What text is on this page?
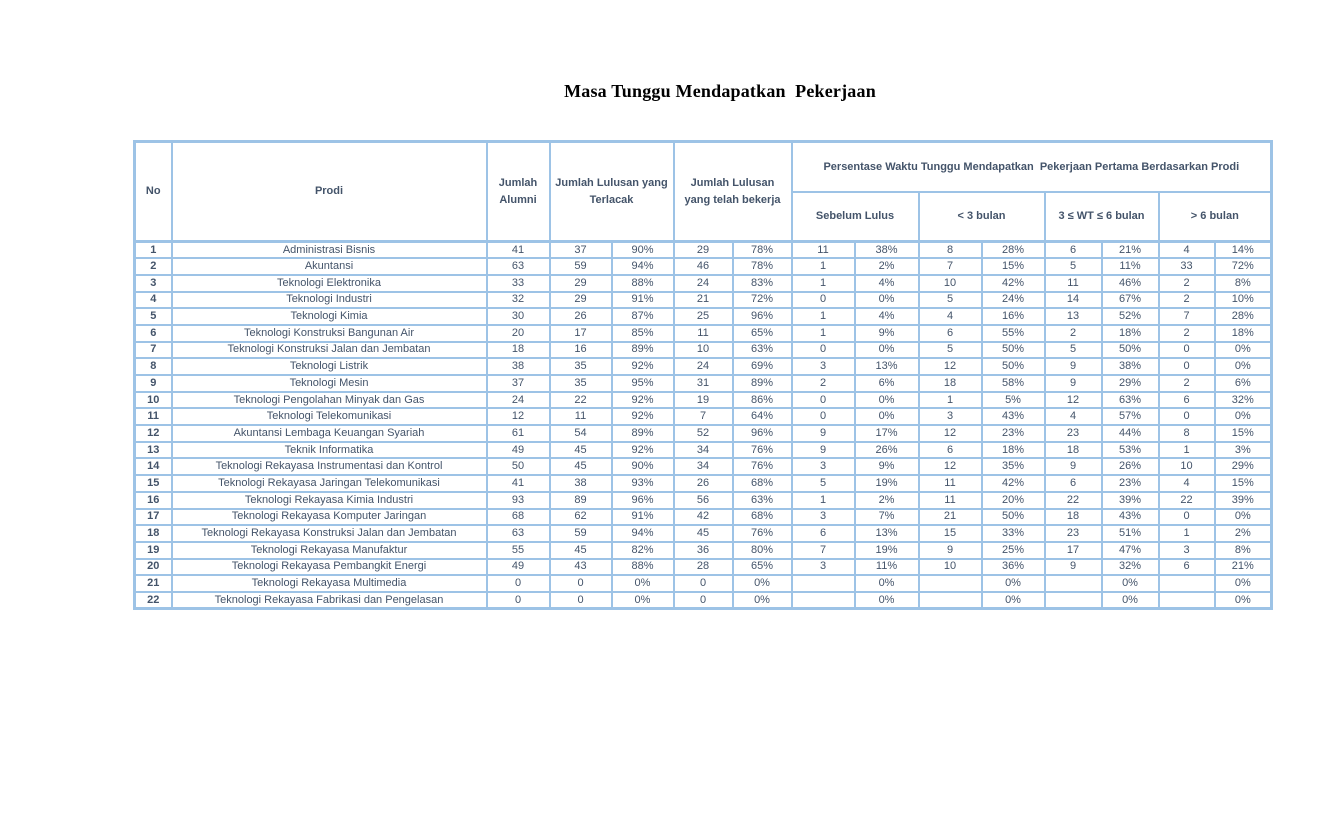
Masa Tunggu Mendapatkan  Pekerjaan
No	Prodi	Jumlah Alumni	Jumlah Lulusan yang Terlacak		Jumlah Lulusan yang telah bekerja		Persentase Waktu Tunggu Mendapatkan  Pekerjaan Pertama Berdasarkan Prodi							
							Sebelum Lulus		< 3 bulan		3 ≤ WT ≤ 6 bulan		> 6 bulan	
1	Administrasi Bisnis	41	37	90%	29	78%	11	38%	8	28%	6	21%	4	14%
2	Akuntansi	63	59	94%	46	78%	1	2%	7	15%	5	11%	33	72%
3	Teknologi Elektronika	33	29	88%	24	83%	1	4%	10	42%	11	46%	2	8%
4	Teknologi Industri	32	29	91%	21	72%	0	0%	5	24%	14	67%	2	10%
5	Teknologi Kimia	30	26	87%	25	96%	1	4%	4	16%	13	52%	7	28%
6	Teknologi Konstruksi Bangunan Air	20	17	85%	11	65%	1	9%	6	55%	2	18%	2	18%
7	Teknologi Konstruksi Jalan dan Jembatan	18	16	89%	10	63%	0	0%	5	50%	5	50%	0	0%
8	Teknologi Listrik	38	35	92%	24	69%	3	13%	12	50%	9	38%	0	0%
9	Teknologi Mesin	37	35	95%	31	89%	2	6%	18	58%	9	29%	2	6%
10	Teknologi Pengolahan Minyak dan Gas	24	22	92%	19	86%	0	0%	1	5%	12	63%	6	32%
11	Teknologi Telekomunikasi	12	11	92%	7	64%	0	0%	3	43%	4	57%	0	0%
12	Akuntansi Lembaga Keuangan Syariah	61	54	89%	52	96%	9	17%	12	23%	23	44%	8	15%
13	Teknik Informatika	49	45	92%	34	76%	9	26%	6	18%	18	53%	1	3%
14	Teknologi Rekayasa Instrumentasi dan Kontrol	50	45	90%	34	76%	3	9%	12	35%	9	26%	10	29%
15	Teknologi Rekayasa Jaringan Telekomunikasi	41	38	93%	26	68%	5	19%	11	42%	6	23%	4	15%
16	Teknologi Rekayasa Kimia Industri	93	89	96%	56	63%	1	2%	11	20%	22	39%	22	39%
17	Teknologi Rekayasa Komputer Jaringan	68	62	91%	42	68%	3	7%	21	50%	18	43%	0	0%
18	Teknologi Rekayasa Konstruksi Jalan dan Jembatan	63	59	94%	45	76%	6	13%	15	33%	23	51%	1	2%
19	Teknologi Rekayasa Manufaktur	55	45	82%	36	80%	7	19%	9	25%	17	47%	3	8%
20	Teknologi Rekayasa Pembangkit Energi	49	43	88%	28	65%	3	11%	10	36%	9	32%	6	21%
21	Teknologi Rekayasa Multimedia	0	0	0%	0	0%		0%		0%		0%		0%
22	Teknologi Rekayasa Fabrikasi dan Pengelasan	0	0	0%	0	0%		0%		0%		0%		0%
